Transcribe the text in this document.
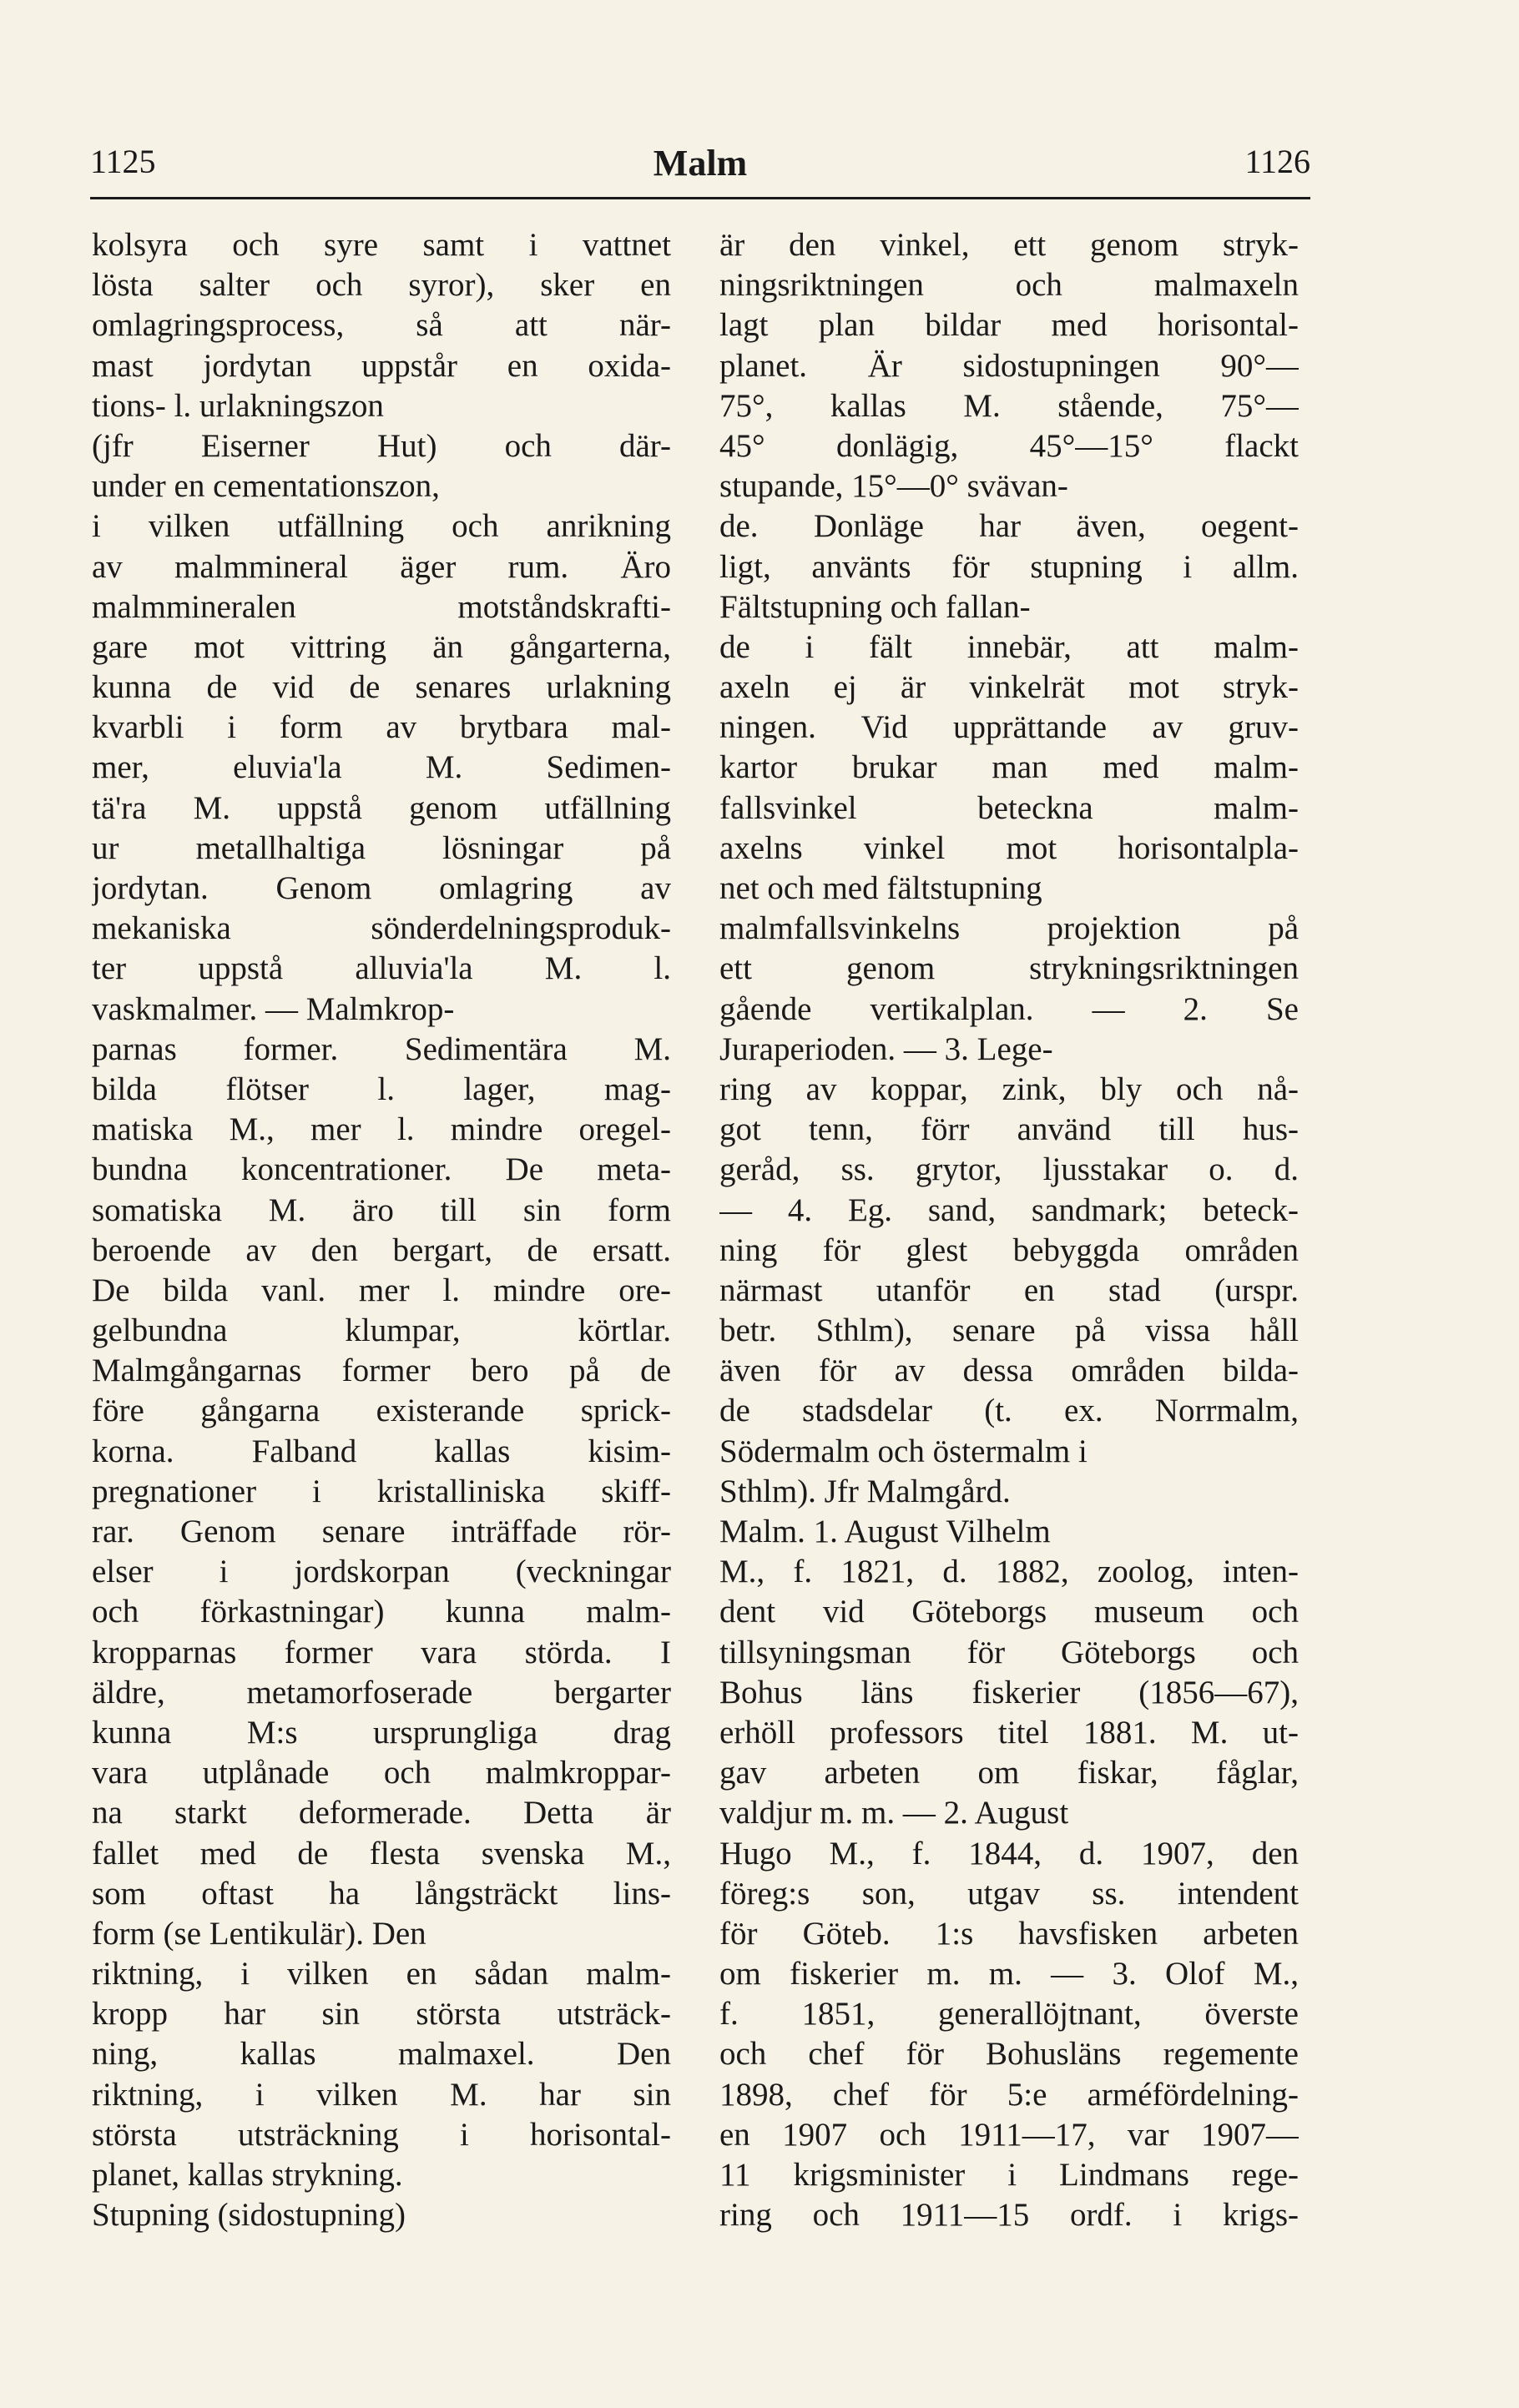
1125	Malm	1126
kolsyra och syre samt i vattnet
lösta salter och syror), sker en
omlagringsprocess, så att när-
mast jordytan uppstår en oxida-
tions- l. urlakningszon
(jfr Eiserner Hut) och där-
under en cementationszon,
i vilken utfällning och anrikning
av malmmineral äger rum. Äro
malmmineralen motståndskrafti-
gare mot vittring än gångarterna,
kunna de vid de senares urlakning
kvarbli i form av brytbara mal-
mer, eluvia'la M. Sedimen-
tä'ra M. uppstå genom utfällning
ur metallhaltiga lösningar på
jordytan. Genom omlagring av
mekaniska sönderdelningsproduk-
ter uppstå alluvia'la M. l.
vaskmalmer. — Malmkrop-
parnas former. Sedimentära M.
bilda flötser l. lager, mag-
matiska M., mer l. mindre oregel-
bundna koncentrationer. De meta-
somatiska M. äro till sin form
beroende av den bergart, de ersatt.
De bilda vanl. mer l. mindre ore-
gelbundna klumpar, körtlar.
Malmgångarnas former bero på de
före gångarna existerande sprick-
korna. Falband kallas kisim-
pregnationer i kristalliniska skiff-
rar. Genom senare inträffade rör-
elser i jordskorpan (veckningar
och förkastningar) kunna malm-
kropparnas former vara störda. I
äldre, metamorfoserade bergarter
kunna M:s ursprungliga drag
vara utplånade och malmkroppar-
na starkt deformerade. Detta är
fallet med de flesta svenska M.,
som oftast ha långsträckt lins-
form (se Lentikulär). Den
riktning, i vilken en sådan malm-
kropp har sin största utsträck-
ning, kallas malmaxel. Den
riktning, i vilken M. har sin
största utsträckning i horisontal-
planet, kallas strykning.
Stupning (sidostupning)
är den vinkel, ett genom stryk-
ningsriktningen och malmaxeln
lagt plan bildar med horisontal-
planet. Är sidostupningen 90°—
75°, kallas M. stående, 75°—
45° donlägig, 45°—15° flackt
stupande, 15°—0° svävan-
de. Donläge har även, oegent-
ligt, använts för stupning i allm.
Fältstupning och fallan-
de i fält innebär, att malm-
axeln ej är vinkelrät mot stryk-
ningen. Vid upprättande av gruv-
kartor brukar man med malm-
fallsvinkel beteckna malm-
axelns vinkel mot horisontalpla-
net och med fältstupning
malmfallsvinkelns projektion på
ett genom strykningsriktningen
gående vertikalplan. — 2. Se
Juraperioden. — 3. Lege-
ring av koppar, zink, bly och nå-
got tenn, förr använd till hus-
geråd, ss. grytor, ljusstakar o. d.
— 4. Eg. sand, sandmark; beteck-
ning för glest bebyggda områden
närmast utanför en stad (urspr.
betr. Sthlm), senare på vissa håll
även för av dessa områden bilda-
de stadsdelar (t. ex. Norrmalm,
Södermalm och östermalm i
Sthlm). Jfr Malmgård.
Malm. 1. August Vilhelm
M., f. 1821, d. 1882, zoolog, inten-
dent vid Göteborgs museum och
tillsyningsman för Göteborgs och
Bohus läns fiskerier (1856—67),
erhöll professors titel 1881. M. ut-
gav arbeten om fiskar, fåglar,
valdjur m. m. — 2. August
Hugo M., f. 1844, d. 1907, den
föreg:s son, utgav ss. intendent
för Göteb. 1:s havsfisken arbeten
om fiskerier m. m. — 3. Olof M.,
f. 1851, generallöjtnant, överste
och chef för Bohusläns regemente
1898, chef för 5:e arméfördelning-
en 1907 och 1911—17, var 1907—
11 krigsminister i Lindmans rege-
ring och 1911—15 ordf. i krigs-
